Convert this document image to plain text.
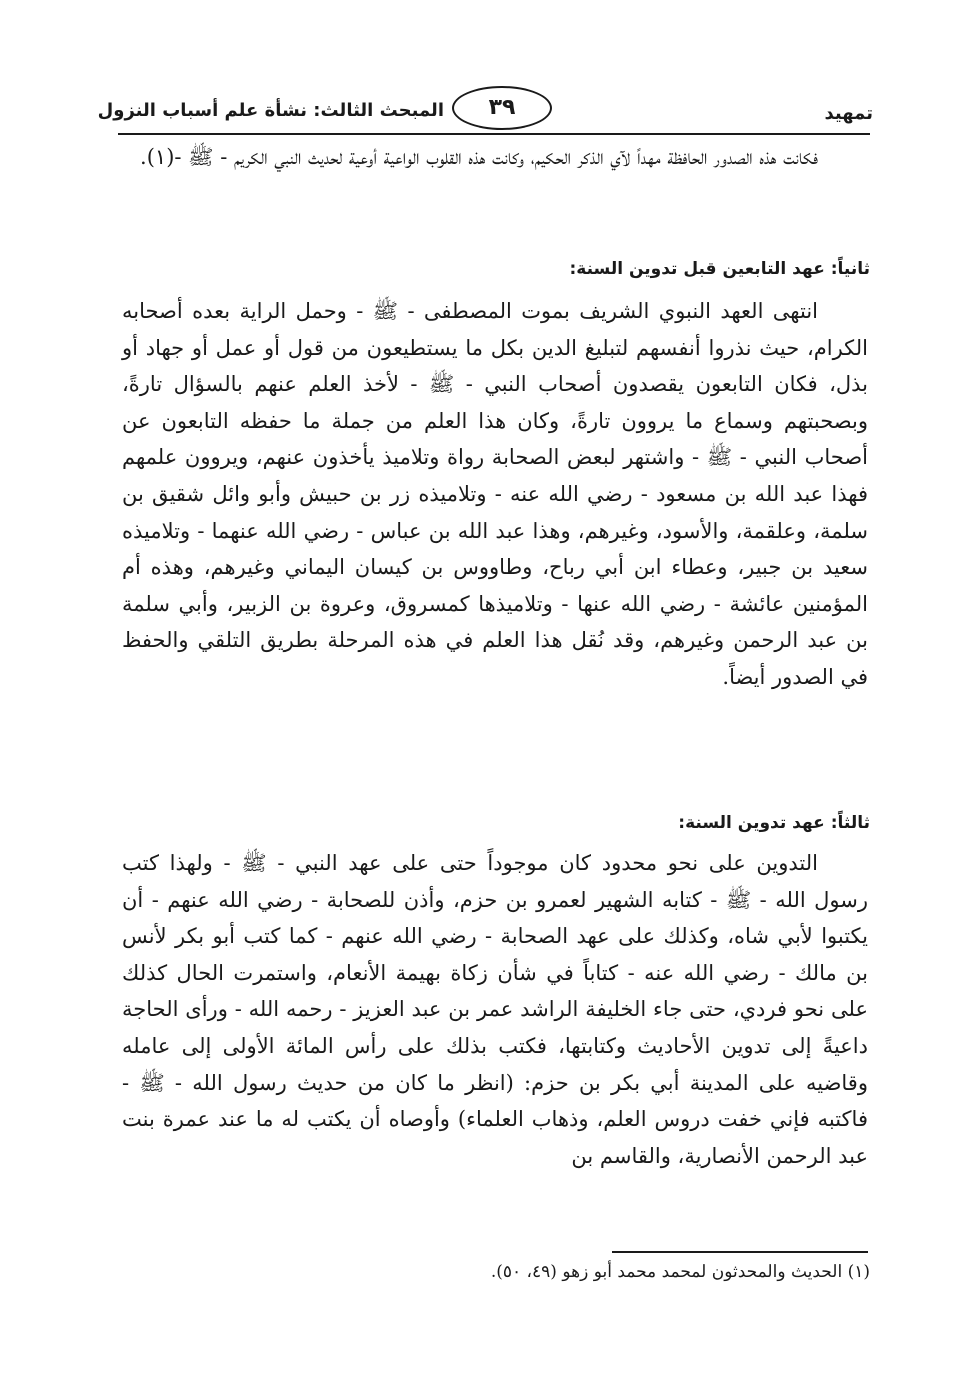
تمهيد
٣٩
المبحث الثالث: نشأة علم أسباب النزول

فكانت هذه الصدور الحافظة مهداً لآي الذكر الحكيم، وكانت هذه القلوب الواعية أوعية لحديث النبي الكريم - ﷺ -(١).

ثانياً: عهد التابعين قبل تدوين السنة:

انتهى العهد النبوي الشريف بموت المصطفى - ﷺ - وحمل الراية بعده أصحابه الكرام، حيث نذروا أنفسهم لتبليغ الدين بكل ما يستطيعون من قول أو عمل أو جهاد أو بذل، فكان التابعون يقصدون أصحاب النبي - ﷺ - لأخذ العلم عنهم بالسؤال تارةً، وبصحبتهم وسماع ما يروون تارةً، وكان هذا العلم من جملة ما حفظه التابعون عن أصحاب النبي - ﷺ - واشتهر لبعض الصحابة رواة وتلاميذ يأخذون عنهم، ويروون علمهم فهذا عبد الله بن مسعود - رضي الله عنه - وتلاميذه زر بن حبيش وأبو وائل شقيق بن سلمة، وعلقمة، والأسود، وغيرهم، وهذا عبد الله بن عباس - رضي الله عنهما - وتلاميذه سعيد بن جبير، وعطاء ابن أبي رباح، وطاووس بن كيسان اليماني وغيرهم، وهذه أم المؤمنين عائشة - رضي الله عنها - وتلاميذها كمسروق، وعروة بن الزبير، وأبي سلمة بن عبد الرحمن وغيرهم، وقد نُقل هذا العلم في هذه المرحلة بطريق التلقي والحفظ في الصدور أيضاً.

ثالثاً: عهد تدوين السنة:

التدوين على نحو محدود كان موجوداً حتى على عهد النبي - ﷺ - ولهذا كتب رسول الله - ﷺ - كتابه الشهير لعمرو بن حزم، وأذن للصحابة - رضي الله عنهم - أن يكتبوا لأبي شاه، وكذلك على عهد الصحابة - رضي الله عنهم - كما كتب أبو بكر لأنس بن مالك - رضي الله عنه - كتاباً في شأن زكاة بهيمة الأنعام، واستمرت الحال كذلك على نحو فردي، حتى جاء الخليفة الراشد عمر بن عبد العزيز - رحمه الله - ورأى الحاجة داعيةً إلى تدوين الأحاديث وكتابتها، فكتب بذلك على رأس المائة الأولى إلى عامله وقاضيه على المدينة أبي بكر بن حزم: (انظر ما كان من حديث رسول الله - ﷺ - فاكتبه فإني خفت دروس العلم، وذهاب العلماء) وأوصاه أن يكتب له ما عند عمرة بنت عبد الرحمن الأنصارية، والقاسم بن

(١) الحديث والمحدثون لمحمد محمد أبو زهو (٤٩، ٥٠).
